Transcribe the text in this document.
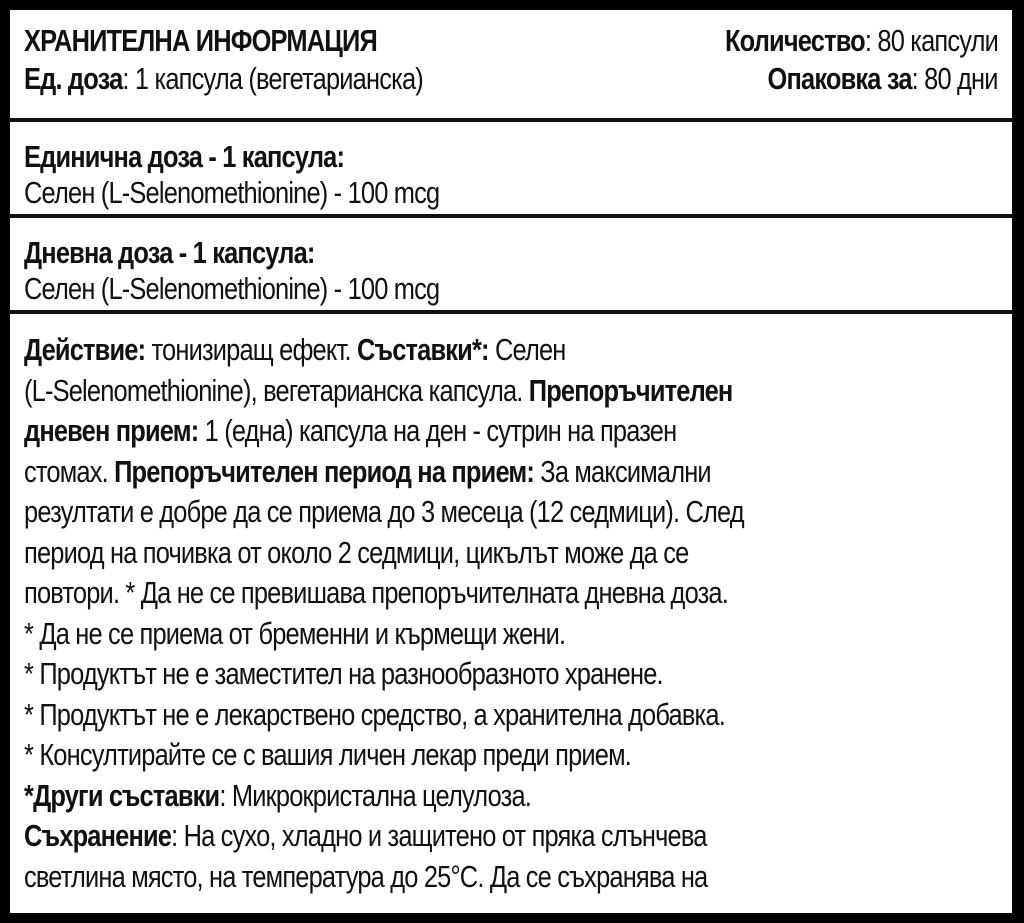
ХРАНИТЕЛНА ИНФОРМАЦИЯ	Количество: 80 капсули
Ед. доза: 1 капсула (вегетарианска)	Опаковка за: 80 дни
Единична доза - 1 капсула:
Селен (L-Selenomethionine) - 100 mcg
Дневна доза - 1 капсула:
Селен (L-Selenomethionine) - 100 mcg
Действие: тонизиращ ефект. Съставки*: Селен
(L-Selenomethionine), вегетарианска капсула. Препоръчителен
дневен прием: 1 (една) капсула на ден - сутрин на празен
стомах. Препоръчителен период на прием: За максимални
резултати е добре да се приема до 3 месеца (12 седмици). След
период на почивка от около 2 седмици, цикълът може да се
повтори. * Да не се превишава препоръчителната дневна доза.
* Да не се приема от бременни и кърмещи жени.
* Продуктът не е заместител на разнообразното хранене.
* Продуктът не е лекарствено средство, а хранителна добавка.
* Консултирайте се с вашия личен лекар преди прием.
*Други съставки: Микрокристална целулоза.
Съхранение: На сухо, хладно и защитено от пряка слънчева
светлина място, на температура до 25°C. Да се съхранява на
